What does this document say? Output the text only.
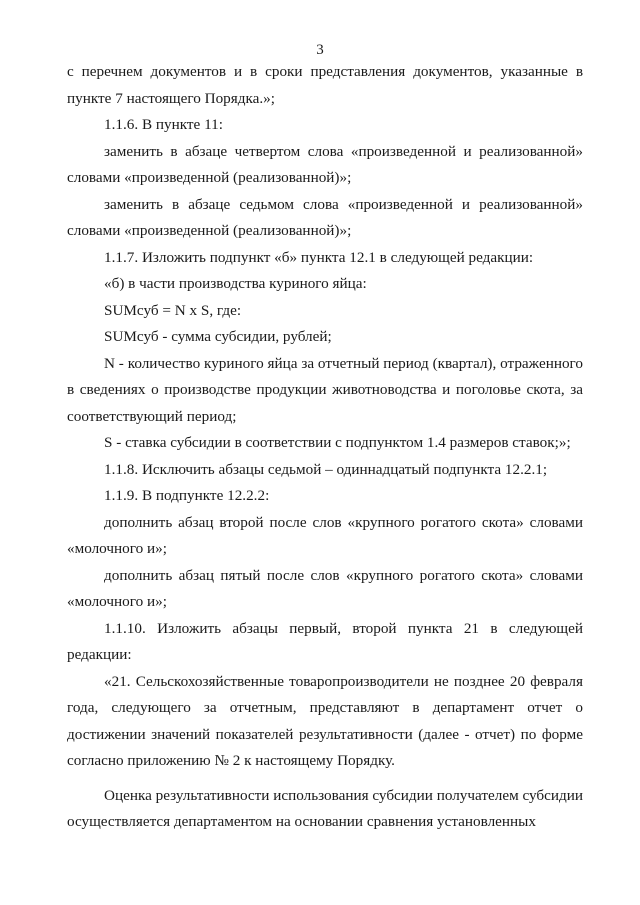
3

с перечнем документов и в сроки представления документов, указанные в пункте 7 настоящего Порядка.»;

1.1.6. В пункте 11:

заменить в абзаце четвертом слова «произведенной и реализованной» словами «произведенной (реализованной)»;

заменить в абзаце седьмом слова «произведенной и реализованной» словами «произведенной (реализованной)»;

1.1.7. Изложить подпункт «б» пункта 12.1 в следующей редакции:

«б) в части производства куриного яйца:

SUMсуб = N x S, где:

SUMсуб - сумма субсидии, рублей;

N - количество куриного яйца за отчетный период (квартал), отраженного в сведениях о производстве продукции животноводства и поголовье скота, за соответствующий период;

S - ставка субсидии в соответствии с подпунктом 1.4 размеров ставок;»;

1.1.8. Исключить абзацы седьмой – одиннадцатый подпункта 12.2.1;

1.1.9. В подпункте 12.2.2:

дополнить абзац второй после слов «крупного рогатого скота» словами «молочного и»;

дополнить абзац пятый после слов «крупного рогатого скота» словами «молочного и»;

1.1.10. Изложить абзацы первый, второй пункта 21 в следующей редакции:

«21. Сельскохозяйственные товаропроизводители не позднее 20 февраля года, следующего за отчетным, представляют в департамент отчет о достижении значений показателей результативности (далее - отчет) по форме согласно приложению № 2 к настоящему Порядку.

Оценка результативности использования субсидии получателем субсидии осуществляется департаментом на основании сравнения установленных
